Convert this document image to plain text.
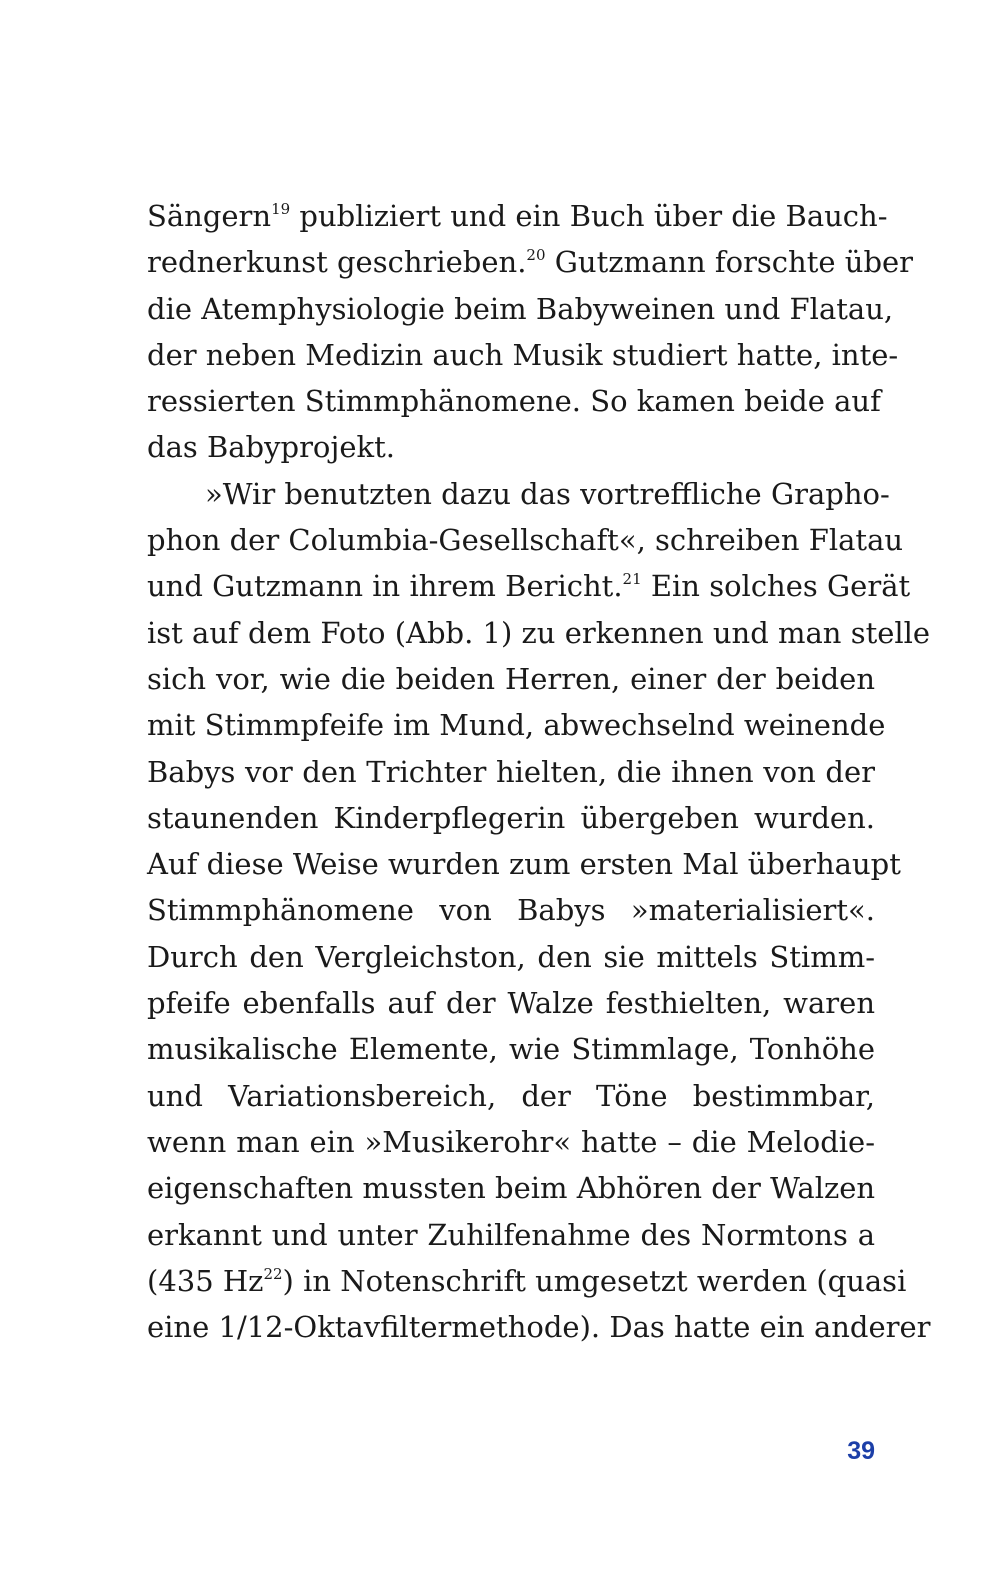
Sängern$^{19}$ publiziert und ein Buch über die Bauch-
rednerkunst geschrieben.$^{20}$ Gutzmann forschte über
die Atemphysiologie beim Babyweinen und Flatau,
der neben Medizin auch Musik studiert hatte, inte-
ressierten Stimmphänomene. So kamen beide auf
das Babyprojekt.
»Wir benutzten dazu das vortreffliche Grapho-
phon der Columbia-Gesellschaft«, schreiben Flatau
und Gutzmann in ihrem Bericht.$^{21}$ Ein solches Gerät
ist auf dem Foto (Abb. 1) zu erkennen und man stelle
sich vor, wie die beiden Herren, einer der beiden
mit Stimmpfeife im Mund, abwechselnd weinende
Babys vor den Trichter hielten, die ihnen von der
staunenden Kinderpflegerin übergeben wurden.
Auf diese Weise wurden zum ersten Mal überhaupt
Stimmphänomene von Babys »materialisiert«.
Durch den Vergleichston, den sie mittels Stimm-
pfeife ebenfalls auf der Walze festhielten, waren
musikalische Elemente, wie Stimmlage, Tonhöhe
und Variationsbereich, der Töne bestimmbar,
wenn man ein »Musikerohr« hatte – die Melodie-
eigenschaften mussten beim Abhören der Walzen
erkannt und unter Zuhilfenahme des Normtons a
(435 Hz$^{22}$) in Notenschrift umgesetzt werden (quasi
eine 1/12-Oktavfiltermethode). Das hatte ein anderer
39
